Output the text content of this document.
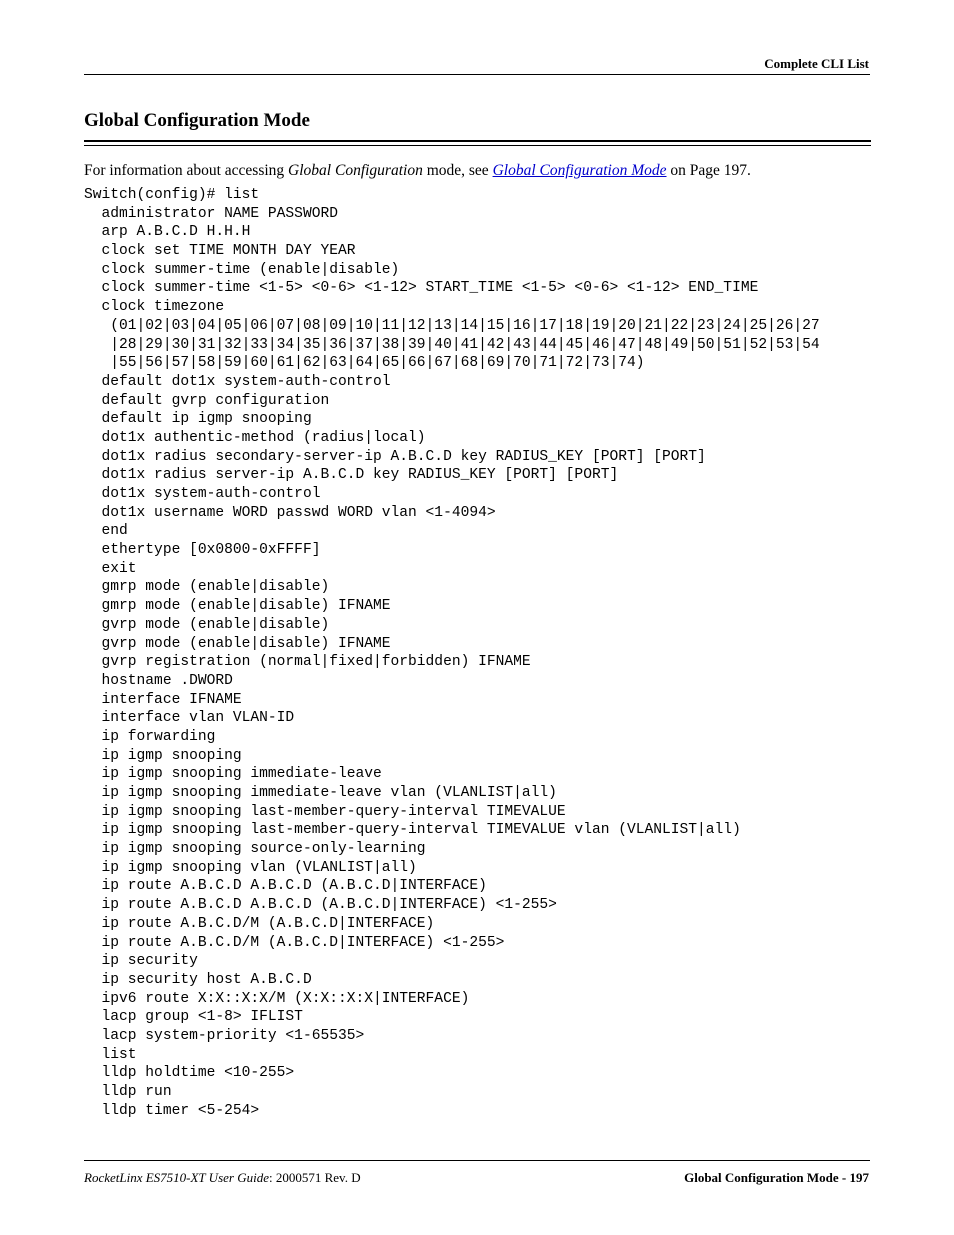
Complete CLI List
Global Configuration Mode

For information about accessing Global Configuration mode, see Global Configuration Mode on Page 197.

Switch(config)# list
administrator NAME PASSWORD
arp A.B.C.D H.H.H
clock set TIME MONTH DAY YEAR
clock summer-time (enable|disable)
clock summer-time <1-5> <0-6> <1-12> START_TIME <1-5> <0-6> <1-12> END_TIME
clock timezone
(01|02|03|04|05|06|07|08|09|10|11|12|13|14|15|16|17|18|19|20|21|22|23|24|25|26|27
|28|29|30|31|32|33|34|35|36|37|38|39|40|41|42|43|44|45|46|47|48|49|50|51|52|53|54
|55|56|57|58|59|60|61|62|63|64|65|66|67|68|69|70|71|72|73|74)
default dot1x system-auth-control
default gvrp configuration
default ip igmp snooping
dot1x authentic-method (radius|local)
dot1x radius secondary-server-ip A.B.C.D key RADIUS_KEY [PORT] [PORT]
dot1x radius server-ip A.B.C.D key RADIUS_KEY [PORT] [PORT]
dot1x system-auth-control
dot1x username WORD passwd WORD vlan <1-4094>
end
ethertype [0x0800-0xFFFF]
exit
gmrp mode (enable|disable)
gmrp mode (enable|disable) IFNAME
gvrp mode (enable|disable)
gvrp mode (enable|disable) IFNAME
gvrp registration (normal|fixed|forbidden) IFNAME
hostname .DWORD
interface IFNAME
interface vlan VLAN-ID
ip forwarding
ip igmp snooping
ip igmp snooping immediate-leave
ip igmp snooping immediate-leave vlan (VLANLIST|all)
ip igmp snooping last-member-query-interval TIMEVALUE
ip igmp snooping last-member-query-interval TIMEVALUE vlan (VLANLIST|all)
ip igmp snooping source-only-learning
ip igmp snooping vlan (VLANLIST|all)
ip route A.B.C.D A.B.C.D (A.B.C.D|INTERFACE)
ip route A.B.C.D A.B.C.D (A.B.C.D|INTERFACE) <1-255>
ip route A.B.C.D/M (A.B.C.D|INTERFACE)
ip route A.B.C.D/M (A.B.C.D|INTERFACE) <1-255>
ip security
ip security host A.B.C.D
ipv6 route X:X::X:X/M (X:X::X:X|INTERFACE)
lacp group <1-8> IFLIST
lacp system-priority <1-65535>
list
lldp holdtime <10-255>
lldp run
lldp timer <5-254>
RocketLinx ES7510-XT User Guide: 2000571 Rev. D	Global Configuration Mode - 197
